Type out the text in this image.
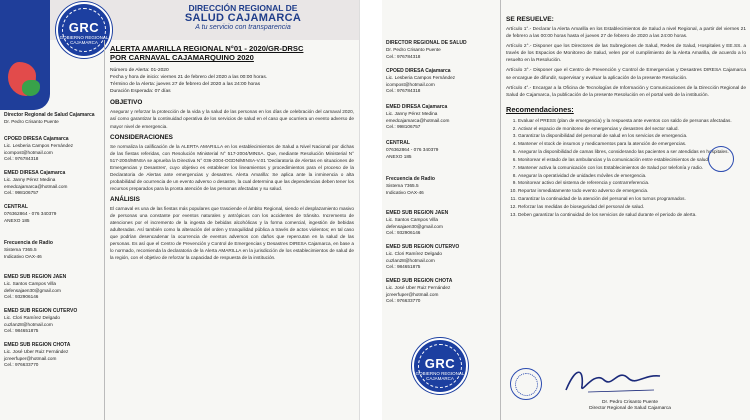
DIRECCIÓN REGIONAL DE
SALUD CAJAMARCA
A tu servicio con transparencia
GRC
GOBIERNO REGIONAL CAJAMARCA
Director Regional de Salud Cajamarca
Dr. Pedro Crisanto Puente
CPOED DIRESA Cajamarca
Lic. Lesberia Campos Fernández
icompost@hotmail.com
Cel.: 976784318
EMED DIRESA Cajamarca
Lic. Janny Pérez Medina
emedcajamarca@hotmail.com
Cel.: 998106757
CENTRAL
076362864 - 076 340379
ANEXO 185
Frecuencia de Radio
Sistema 7365.5
Indicativo OAX-46
EMED SUB REGION JAEN
Lic. Santos Campos Villa
defensajaen30@gmail.com
Cel.: 932906146
EMED SUB REGION CUTERVO
Lic. Clori Ramírez Delgado
cuzlan28@hotmail.com
Cel.: 984651875
EMED SUB REGION CHOTA
Lic. José Uber Ruiz Fernández
jcreerfuper@hotmail.com
Cel.: 976633770
ALERTA AMARILLA REGIONAL N°01 - 2020/GR-DRSC
POR CARNAVAL CAJAMARQUINO 2020
Número de Alerta: 01-2020
Fecha y hora de inicio: viernes 21 de febrero del 2020 a las 00:00 horas.
Término de la Alerta: jueves 27 de febrero del 2020 a las 24:00 horas
Duración Esperada: 07 días
OBJETIVO
Asegurar y reforzar la protección de la vida y la salud de las personas en los días de celebración del carnaval 2020, así como garantizar la continuidad operativa de los servicios de salud en el caso que ocurriera un evento adverso de mayor nivel de emergencia.
CONSIDERACIONES
Se normaliza la calificación de la ALERTA AMARILLA en los establecimientos de Salud a Nivel Nacional por dichas de las fiestas referidas, con Resolución Ministerial N° 517-2004/MINSA. Que, mediante Resolución Ministerial N° 517-2004/MINSA se aprueba la Directiva N° 036-2004-OGDN/MINSA-V.01 'Declaratoria de Alertas en situaciones de Emergencias y Desastres', cuyo objetivo es establecer los lineamientos y procedimientos para el proceso de la Declaratoria de Alertas ante emergencias y desastres. Alerta Amarilla: Se aplica ante la inminencia o alta probabilidad de ocurrencia de un evento adverso o desastre, la cual determina que las dependencias deben tener los recursos preparados para la pronta atención de las personas afectadas y su salud.
ANÁLISIS
El carnaval es una de las fiestas más populares que trasciende el ámbito Regional, siendo el desplazamiento masivo de personas una constante por eventos naturales y antrópicos con los accidentes de tránsito. Incremento de atenciones por el incremento de la ingesta de bebidas alcohólicas y la forma comercial, ingestión de bebidas adulteradas. Así también como la alteración del orden y tranquilidad pública a través de actos violentos; en tal caso que podrían desencadenar la ocurrencia de eventos adversos con daños que repercutan en la salud de las personas. Es así que el Centro de Prevención y Control de Emergencias y Desastres DIRESA Cajamarca, en base a lo normado, recomienda la declaratoria de la Alerta AMARILLA en la jurisdicción de los establecimientos de salud de la región, con el objetivo de reforzar la capacidad de respuesta de la institución.
DIRECTOR REGIONAL DE SALUD
Dr. Pedro Crisanto Puente
Cel.: 976784318
CPOED DIRESA Cajamarca
Lic. Lesberia Campos Fernández
icompost@hotmail.com
Cel.: 976784318
EMED DIRESA Cajamarca
Lic. Janny Pérez Medina
emedcajamarca@hotmail.com
Cel.: 998106757
CENTRAL
076362864 - 076 340379
ANEXO 185
Frecuencia de Radio
Sistema 7365.5
Indicativo OAX-46
EMED SUB REGION JAEN
Lic. Santos Campos Villa
defensajaen30@gmail.com
Cel.: 932906146
EMED SUB REGION CUTERVO
Lic. Clori Ramírez Delgado
cuzlan28@hotmail.com
Cel.: 984651875
EMED SUB REGION CHOTA
Lic. José Uber Ruiz Fernández
jcreerfuper@hotmail.com
Cel.: 976633770
GRC
GOBIERNO REGIONAL CAJAMARCA
SE RESUELVE:
Artículo 1°.- Declarar la Alerta Amarilla en los Establecimientos de Salud a nivel Regional, a partir del viernes 21 de febrero a las 00:00 horas hasta el jueves 27 de febrero de 2020 a las 24:00 horas.
Artículo 2°.- Disponer que los Directores de las Subregiones de Salud, Redes de Salud, Hospitales y EE.SS. a través de los Espacios de Monitoreo de Salud, velen por el cumplimiento de la Alerta Amarilla, de acuerdo a lo resuelto en la Resolución.
Artículo 3°.- Disponer que el Centro de Prevención y Control de Emergencias y Desastres DIRESA Cajamarca se encargue de difundir, supervisar y evaluar la aplicación de la presente Resolución.
Artículo 4°.- Encargar a la Oficina de Tecnologías de Información y Comunicaciones de la Dirección Regional de Salud de Cajamarca, la publicación de la presente Resolución en el portal web de la institución.
Recomendaciones:
1. Evaluar el PRESS (plan de emergencia) y la respuesta ante eventos con saldo de personas afectadas.
2. Activar el espacio de monitoreo de emergencias y desastres del sector salud.
3. Garantizar la disponibilidad del personal de salud en los servicios de emergencia.
4. Mantener el stock de insumos y medicamentos para la atención de emergencias.
5. Asegurar la disponibilidad de camas libres, considerando las pacientes a ser atendidas en hospitales.
6. Monitorear el estado de las ambulancias y la comunicación entre establecimientos de salud.
7. Mantener activa la comunicación con los Establecimientos de Salud por telefonía y radio.
8. Asegurar la operatividad de unidades móviles de emergencia.
9. Monitorear activo del sistema de referencia y contrarreferencia.
10. Reportar inmediatamente todo evento adverso de emergencia.
11. Garantizar la continuidad de la atención del personal en los turnos programados.
12. Reforzar las medidas de bioseguridad del personal de salud.
13. Deben garantizar la continuidad de los servicios de salud durante el periodo de alerta.
Dr. Pedro Crisanto Puente
Director Regional de Salud Cajamarca
